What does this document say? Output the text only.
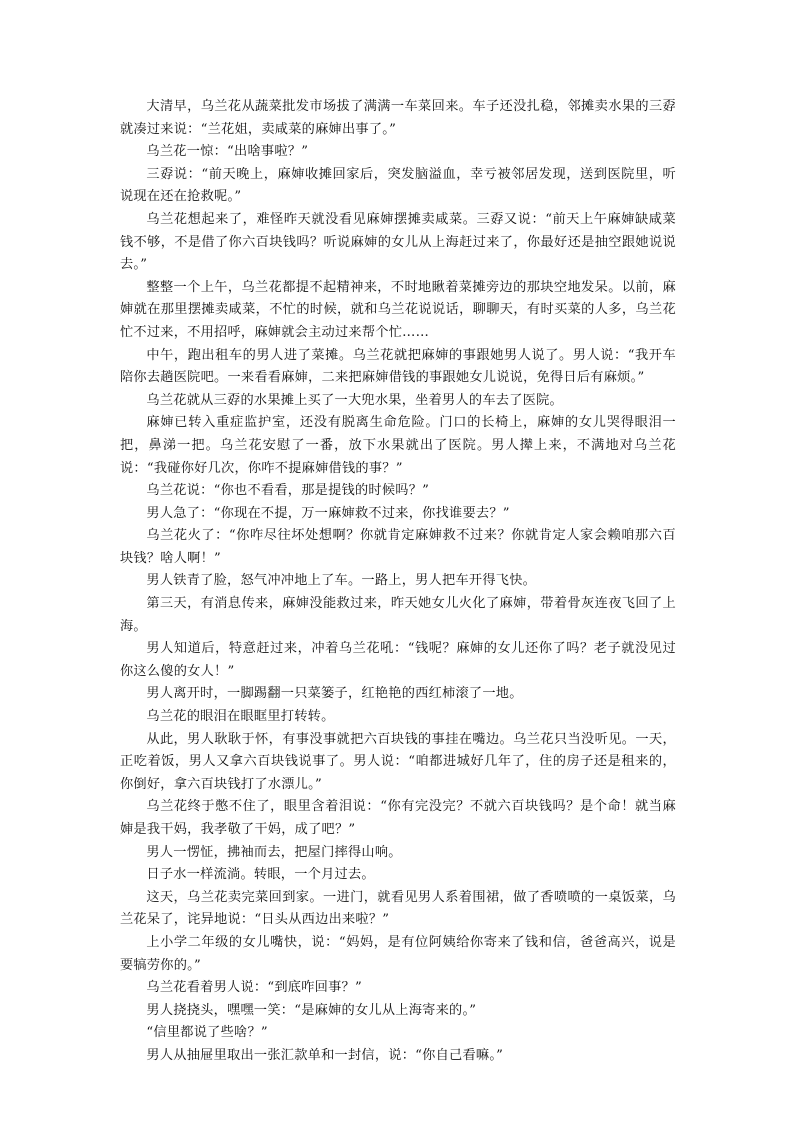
大清早，乌兰花从蔬菜批发市场拔了满满一车菜回来。车子还没扎稳，邻摊卖水果的三孬就凑过来说：“兰花姐，卖咸菜的麻婶出事了。”

乌兰花一惊：“出啥事啦？”

三孬说：“前天晚上，麻婶收摊回家后，突发脑溢血，幸亏被邻居发现，送到医院里，听说现在还在抢救呢。”

乌兰花想起来了，难怪昨天就没看见麻婶摆摊卖咸菜。三孬又说：“前天上午麻婶缺咸菜钱不够，不是借了你六百块钱吗？听说麻婶的女儿从上海赶过来了，你最好还是抽空跟她说说去。”

整整一个上午，乌兰花都提不起精神来，不时地瞅着菜摊旁边的那块空地发呆。以前，麻婶就在那里摆摊卖咸菜，不忙的时候，就和乌兰花说说话，聊聊天，有时买菜的人多，乌兰花忙不过来，不用招呼，麻婶就会主动过来帮个忙……

中午，跑出租车的男人进了菜摊。乌兰花就把麻婶的事跟她男人说了。男人说：“我开车陪你去趟医院吧。一来看看麻婶，二来把麻婶借钱的事跟她女儿说说，免得日后有麻烦。”

乌兰花就从三孬的水果摊上买了一大兜水果，坐着男人的车去了医院。

麻婶已转入重症监护室，还没有脱离生命危险。门口的长椅上，麻婶的女儿哭得眼泪一把，鼻涕一把。乌兰花安慰了一番，放下水果就出了医院。男人撵上来，不满地对乌兰花说：“我碰你好几次，你咋不提麻婶借钱的事？”

乌兰花说：“你也不看看，那是提钱的时候吗？”

男人急了：“你现在不提，万一麻婶救不过来，你找谁要去？”

乌兰花火了：“你咋尽往坏处想啊？你就肯定麻婶救不过来？你就肯定人家会赖咱那六百块钱？啥人啊！”

男人铁青了脸，怒气冲冲地上了车。一路上，男人把车开得飞快。

第三天，有消息传来，麻婶没能救过来，昨天她女儿火化了麻婶，带着骨灰连夜飞回了上海。

男人知道后，特意赶过来，冲着乌兰花吼：“钱呢？麻婶的女儿还你了吗？老子就没见过你这么傻的女人！”

男人离开时，一脚踢翻一只菜篓子，红艳艳的西红柿滚了一地。

乌兰花的眼泪在眼眶里打转转。

从此，男人耿耿于怀，有事没事就把六百块钱的事挂在嘴边。乌兰花只当没听见。一天，正吃着饭，男人又拿六百块钱说事了。男人说：“咱都进城好几年了，住的房子还是租来的，你倒好，拿六百块钱打了水漂儿。”

乌兰花终于憋不住了，眼里含着泪说：“你有完没完？不就六百块钱吗？是个命！就当麻婶是我干妈，我孝敬了干妈，成了吧？”

男人一愣怔，拂袖而去，把屋门摔得山响。

日子水一样流淌。转眼，一个月过去。

这天，乌兰花卖完菜回到家。一进门，就看见男人系着围裙，做了香喷喷的一桌饭菜，乌兰花呆了，诧异地说：“日头从西边出来啦？”

上小学二年级的女儿嘴快，说：“妈妈，是有位阿姨给你寄来了钱和信，爸爸高兴，说是要犒劳你的。”

乌兰花看着男人说：“到底咋回事？”

男人挠挠头，嘿嘿一笑：“是麻婶的女儿从上海寄来的。”

“信里都说了些啥？”

男人从抽屉里取出一张汇款单和一封信，说：“你自己看嘛。”
